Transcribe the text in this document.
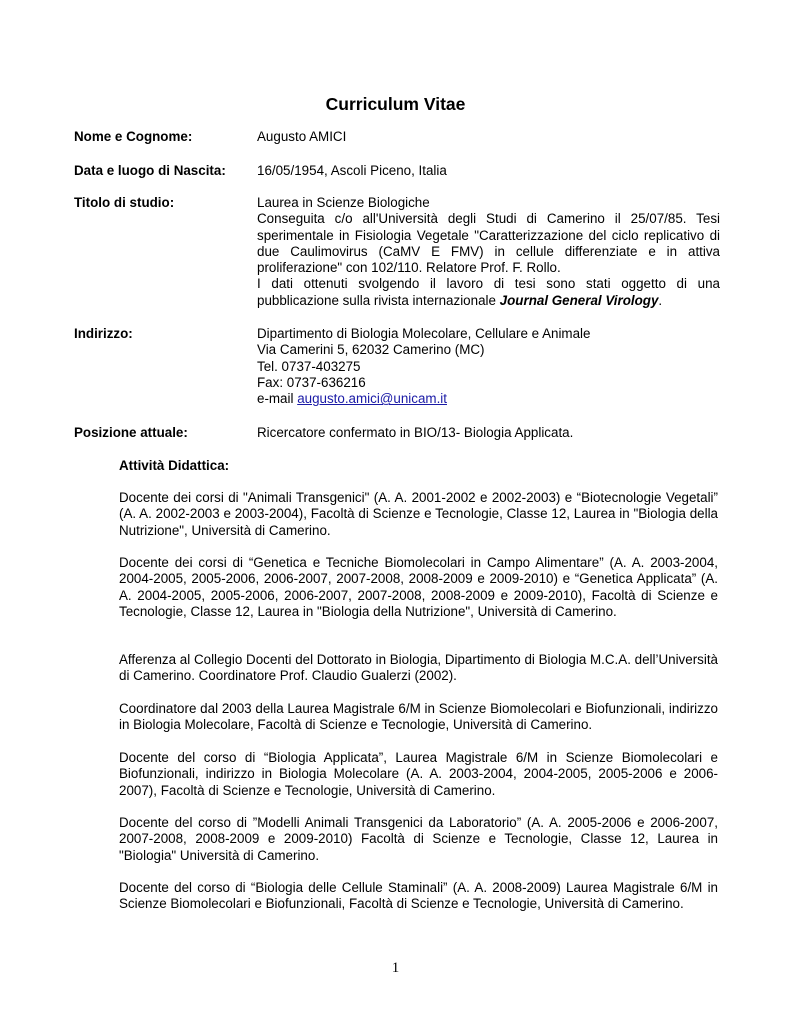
Curriculum Vitae
Nome e Cognome:	Augusto AMICI
Data e luogo di Nascita:	16/05/1954, Ascoli Piceno, Italia
Titolo di studio:	Laurea in Scienze Biologiche
Conseguita c/o all'Università degli Studi di Camerino il 25/07/85. Tesi sperimentale in Fisiologia Vegetale "Caratterizzazione del ciclo replicativo di due Caulimovirus (CaMV E FMV) in cellule differenziate e in attiva proliferazione" con 102/110. Relatore Prof. F. Rollo.
I dati ottenuti svolgendo il lavoro di tesi sono stati oggetto di una pubblicazione sulla rivista internazionale Journal General Virology.
Indirizzo:	Dipartimento di Biologia Molecolare, Cellulare e Animale
Via Camerini 5, 62032 Camerino (MC)
Tel. 0737-403275
Fax: 0737-636216
e-mail augusto.amici@unicam.it
Posizione attuale:	Ricercatore confermato in BIO/13- Biologia Applicata.
Attività Didattica:
Docente dei corsi di "Animali Transgenici" (A. A. 2001-2002 e 2002-2003) e “Biotecnologie Vegetali” (A. A. 2002-2003 e 2003-2004), Facoltà di Scienze e Tecnologie, Classe 12, Laurea in "Biologia della Nutrizione", Università di Camerino.
Docente dei corsi di “Genetica e Tecniche Biomolecolari in Campo Alimentare” (A. A. 2003-2004, 2004-2005, 2005-2006, 2006-2007, 2007-2008, 2008-2009 e 2009-2010) e “Genetica Applicata” (A. A. 2004-2005, 2005-2006, 2006-2007, 2007-2008, 2008-2009 e 2009-2010), Facoltà di Scienze e Tecnologie, Classe 12, Laurea in "Biologia della Nutrizione", Università di Camerino.
Afferenza al Collegio Docenti del Dottorato in Biologia, Dipartimento di Biologia M.C.A. dell’Università di Camerino. Coordinatore Prof. Claudio Gualerzi (2002).
Coordinatore dal 2003 della Laurea Magistrale 6/M in Scienze Biomolecolari e Biofunzionali, indirizzo in Biologia Molecolare, Facoltà di Scienze e Tecnologie, Università di Camerino.
Docente del corso di “Biologia Applicata”, Laurea Magistrale 6/M in Scienze Biomolecolari e Biofunzionali, indirizzo in Biologia Molecolare (A. A. 2003-2004, 2004-2005, 2005-2006 e 2006-2007), Facoltà di Scienze e Tecnologie, Università di Camerino.
Docente del corso di ”Modelli Animali Transgenici da Laboratorio” (A. A. 2005-2006 e 2006-2007, 2007-2008, 2008-2009 e 2009-2010) Facoltà di Scienze e Tecnologie, Classe 12, Laurea in "Biologia" Università di Camerino.
Docente del corso di “Biologia delle Cellule Staminali” (A. A. 2008-2009) Laurea Magistrale 6/M in Scienze Biomolecolari e Biofunzionali, Facoltà di Scienze e Tecnologie, Università di Camerino.
1
